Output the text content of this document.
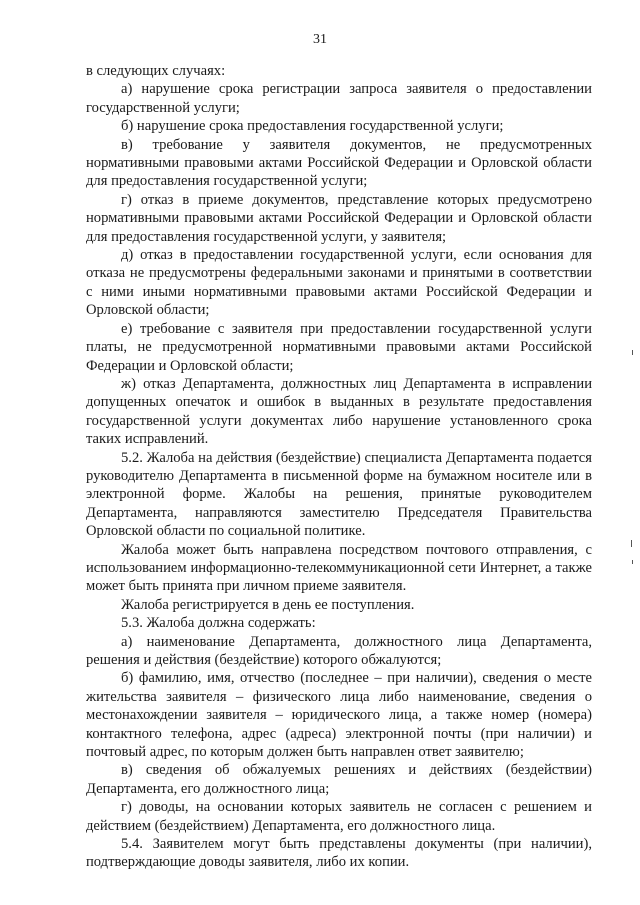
31

в следующих случаях:

а) нарушение срока регистрации запроса заявителя о предоставлении государственной услуги;

б) нарушение срока предоставления государственной услуги;

в) требование у заявителя документов, не предусмотренных нормативными правовыми актами Российской Федерации и Орловской области для предоставления государственной услуги;

г) отказ в приеме документов, представление которых предусмотрено нормативными правовыми актами Российской Федерации и Орловской области для предоставления государственной услуги, у заявителя;

д) отказ в предоставлении государственной услуги, если основания для отказа не предусмотрены федеральными законами и принятыми в соответствии с ними иными нормативными правовыми актами Российской Федерации и Орловской области;

е) требование с заявителя при предоставлении государственной услуги платы, не предусмотренной нормативными правовыми актами Российской Федерации и Орловской области;

ж) отказ Департамента, должностных лиц Департамента в исправлении допущенных опечаток и ошибок в выданных в результате предоставления государственной услуги документах либо нарушение установленного срока таких исправлений.

5.2. Жалоба на действия (бездействие) специалиста Департамента подается руководителю Департамента в письменной форме на бумажном носителе или в электронной форме. Жалобы на решения, принятые руководителем Департамента, направляются заместителю Председателя Правительства Орловской области по социальной политике.

Жалоба может быть направлена посредством почтового отправления, с использованием информационно-телекоммуникационной сети Интернет, а также может быть принята при личном приеме заявителя.

Жалоба регистрируется в день ее поступления.

5.3. Жалоба должна содержать:

а) наименование Департамента, должностного лица Департамента, решения и действия (бездействие) которого обжалуются;

б) фамилию, имя, отчество (последнее – при наличии), сведения о месте жительства заявителя – физического лица либо наименование, сведения о местонахождении заявителя – юридического лица, а также номер (номера) контактного телефона, адрес (адреса) электронной почты (при наличии) и почтовый адрес, по которым должен быть направлен ответ заявителю;

в) сведения об обжалуемых решениях и действиях (бездействии) Департамента, его должностного лица;

г) доводы, на основании которых заявитель не согласен с решением и действием (бездействием) Департамента, его должностного лица.

5.4. Заявителем могут быть представлены документы (при наличии), подтверждающие доводы заявителя, либо их копии.
